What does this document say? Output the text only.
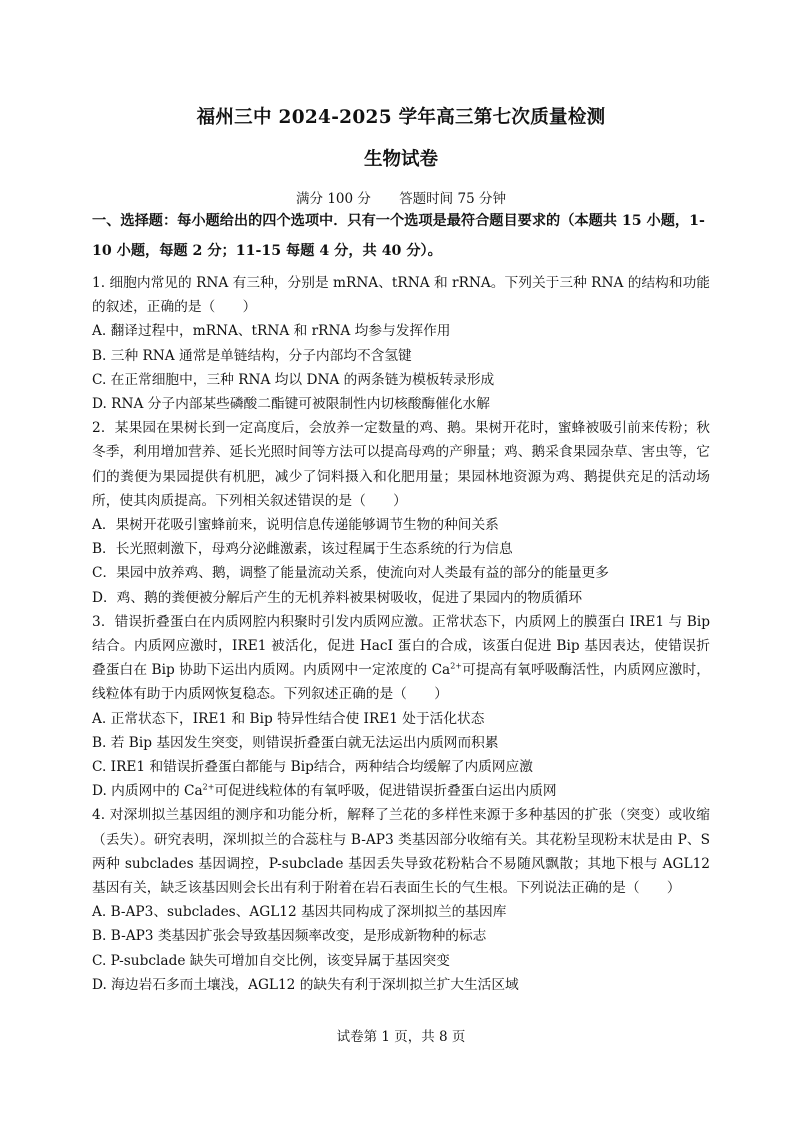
福州三中 2024-2025 学年高三第七次质量检测
生物试卷
满分 100 分 答题时间 75 分钟
一、选择题：每小题给出的四个选项中．只有一个选项是最符合题目要求的（本题共 15 小题，1-10 小题，每题 2 分；11-15 每题 4 分，共 40 分）。

1. 细胞内常见的 RNA 有三种，分别是 mRNA、tRNA 和 rRNA。下列关于三种 RNA 的结构和功能的叙述，正确的是（　　）

A. 翻译过程中，mRNA、tRNA 和 rRNA 均参与发挥作用

B. 三种 RNA 通常是单链结构，分子内部均不含氢键

C. 在正常细胞中，三种 RNA 均以 DNA 的两条链为模板转录形成

D. RNA 分子内部某些磷酸二酯键可被限制性内切核酸酶催化水解

2．某果园在果树长到一定高度后，会放养一定数量的鸡、鹅。果树开花时，蜜蜂被吸引前来传粉；秋冬季，利用增加营养、延长光照时间等方法可以提高母鸡的产卵量；鸡、鹅采食果园杂草、害虫等，它们的粪便为果园提供有机肥，减少了饲料摄入和化肥用量；果园林地资源为鸡、鹅提供充足的活动场所，使其肉质提高。下列相关叙述错误的是（　　）

A．果树开花吸引蜜蜂前来，说明信息传递能够调节生物的种间关系

B．长光照刺激下，母鸡分泌雌激素，该过程属于生态系统的行为信息

C．果园中放养鸡、鹅，调整了能量流动关系，使流向对人类最有益的部分的能量更多

D．鸡、鹅的粪便被分解后产生的无机养料被果树吸收，促进了果园内的物质循环

3．错误折叠蛋白在内质网腔内积聚时引发内质网应激。正常状态下，内质网上的膜蛋白 IRE1 与 Bip结合。内质网应激时，IRE1 被活化，促进 HacI 蛋白的合成，该蛋白促进 Bip 基因表达，使错误折叠蛋白在 Bip 协助下运出内质网。内质网中一定浓度的 $Ca^{2+}$可提高有氧呼吸酶活性，内质网应激时，线粒体有助于内质网恢复稳态。下列叙述正确的是（　　）

A. 正常状态下，IRE1 和 Bip 特异性结合使 IRE1 处于活化状态

B. 若 Bip 基因发生突变，则错误折叠蛋白就无法运出内质网而积累

C. IRE1 和错误折叠蛋白都能与 Bip结合，两种结合均缓解了内质网应激

D. 内质网中的 $Ca^{2+}$可促进线粒体的有氧呼吸，促进错误折叠蛋白运出内质网

4. 对深圳拟兰基因组的测序和功能分析，解释了兰花的多样性来源于多种基因的扩张（突变）或收缩（丢失）。研究表明，深圳拟兰的合蕊柱与 B-AP3 类基因部分收缩有关。其花粉呈现粉末状是由 P、S 两种 subclades 基因调控，P-subclade 基因丢失导致花粉粘合不易随风飘散；其地下根与 AGL12 基因有关，缺乏该基因则会长出有利于附着在岩石表面生长的气生根。下列说法正确的是（　　）

A. B-AP3、subclades、AGL12 基因共同构成了深圳拟兰的基因库

B. B-AP3 类基因扩张会导致基因频率改变，是形成新物种的标志

C. P-subclade 缺失可增加自交比例，该变异属于基因突变

D. 海边岩石多而土壤浅，AGL12 的缺失有利于深圳拟兰扩大生活区域

试卷第 1 页，共 8 页
